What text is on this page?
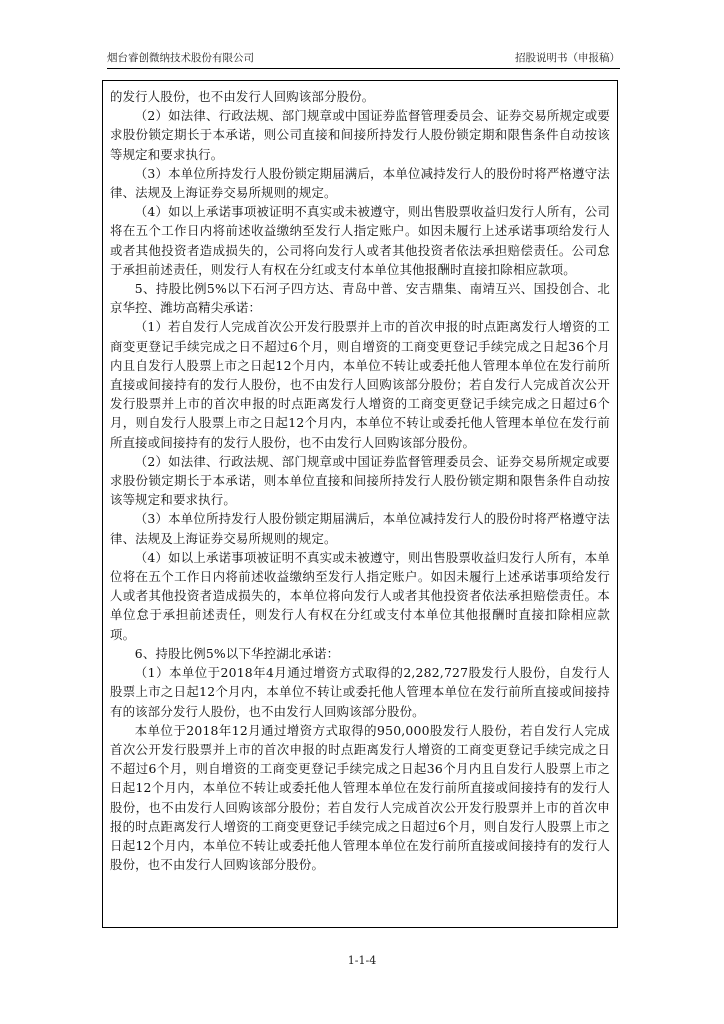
烟台睿创微纳技术股份有限公司	招股说明书（申报稿）

的发行人股份，也不由发行人回购该部分股份。

（2）如法律、行政法规、部门规章或中国证券监督管理委员会、证券交易所规定或要求股份锁定期长于本承诺，则公司直接和间接所持发行人股份锁定期和限售条件自动按该等规定和要求执行。

（3）本单位所持发行人股份锁定期届满后，本单位减持发行人的股份时将严格遵守法律、法规及上海证券交易所规则的规定。

（4）如以上承诺事项被证明不真实或未被遵守，则出售股票收益归发行人所有，公司将在五个工作日内将前述收益缴纳至发行人指定账户。如因未履行上述承诺事项给发行人或者其他投资者造成损失的，公司将向发行人或者其他投资者依法承担赔偿责任。公司怠于承担前述责任，则发行人有权在分红或支付本单位其他报酬时直接扣除相应款项。

5、持股比例5%以下石河子四方达、青岛中普、安吉鼎集、南靖互兴、国投创合、北京华控、潍坊高精尖承诺：

（1）若自发行人完成首次公开发行股票并上市的首次申报的时点距离发行人增资的工商变更登记手续完成之日不超过6个月，则自增资的工商变更登记手续完成之日起36个月内且自发行人股票上市之日起12个月内，本单位不转让或委托他人管理本单位在发行前所直接或间接持有的发行人股份，也不由发行人回购该部分股份；若自发行人完成首次公开发行股票并上市的首次申报的时点距离发行人增资的工商变更登记手续完成之日超过6个月，则自发行人股票上市之日起12个月内，本单位不转让或委托他人管理本单位在发行前所直接或间接持有的发行人股份，也不由发行人回购该部分股份。

（2）如法律、行政法规、部门规章或中国证券监督管理委员会、证券交易所规定或要求股份锁定期长于本承诺，则本单位直接和间接所持发行人股份锁定期和限售条件自动按该等规定和要求执行。

（3）本单位所持发行人股份锁定期届满后，本单位减持发行人的股份时将严格遵守法律、法规及上海证券交易所规则的规定。

（4）如以上承诺事项被证明不真实或未被遵守，则出售股票收益归发行人所有，本单位将在五个工作日内将前述收益缴纳至发行人指定账户。如因未履行上述承诺事项给发行人或者其他投资者造成损失的，本单位将向发行人或者其他投资者依法承担赔偿责任。本单位怠于承担前述责任，则发行人有权在分红或支付本单位其他报酬时直接扣除相应款项。

6、持股比例5%以下华控湖北承诺：

（1）本单位于2018年4月通过增资方式取得的2,282,727股发行人股份，自发行人股票上市之日起12个月内，本单位不转让或委托他人管理本单位在发行前所直接或间接持有的该部分发行人股份，也不由发行人回购该部分股份。

本单位于2018年12月通过增资方式取得的950,000股发行人股份，若自发行人完成首次公开发行股票并上市的首次申报的时点距离发行人增资的工商变更登记手续完成之日不超过6个月，则自增资的工商变更登记手续完成之日起36个月内且自发行人股票上市之日起12个月内，本单位不转让或委托他人管理本单位在发行前所直接或间接持有的发行人股份，也不由发行人回购该部分股份；若自发行人完成首次公开发行股票并上市的首次申报的时点距离发行人增资的工商变更登记手续完成之日超过6个月，则自发行人股票上市之日起12个月内，本单位不转让或委托他人管理本单位在发行前所直接或间接持有的发行人股份，也不由发行人回购该部分股份。

1-1-4
